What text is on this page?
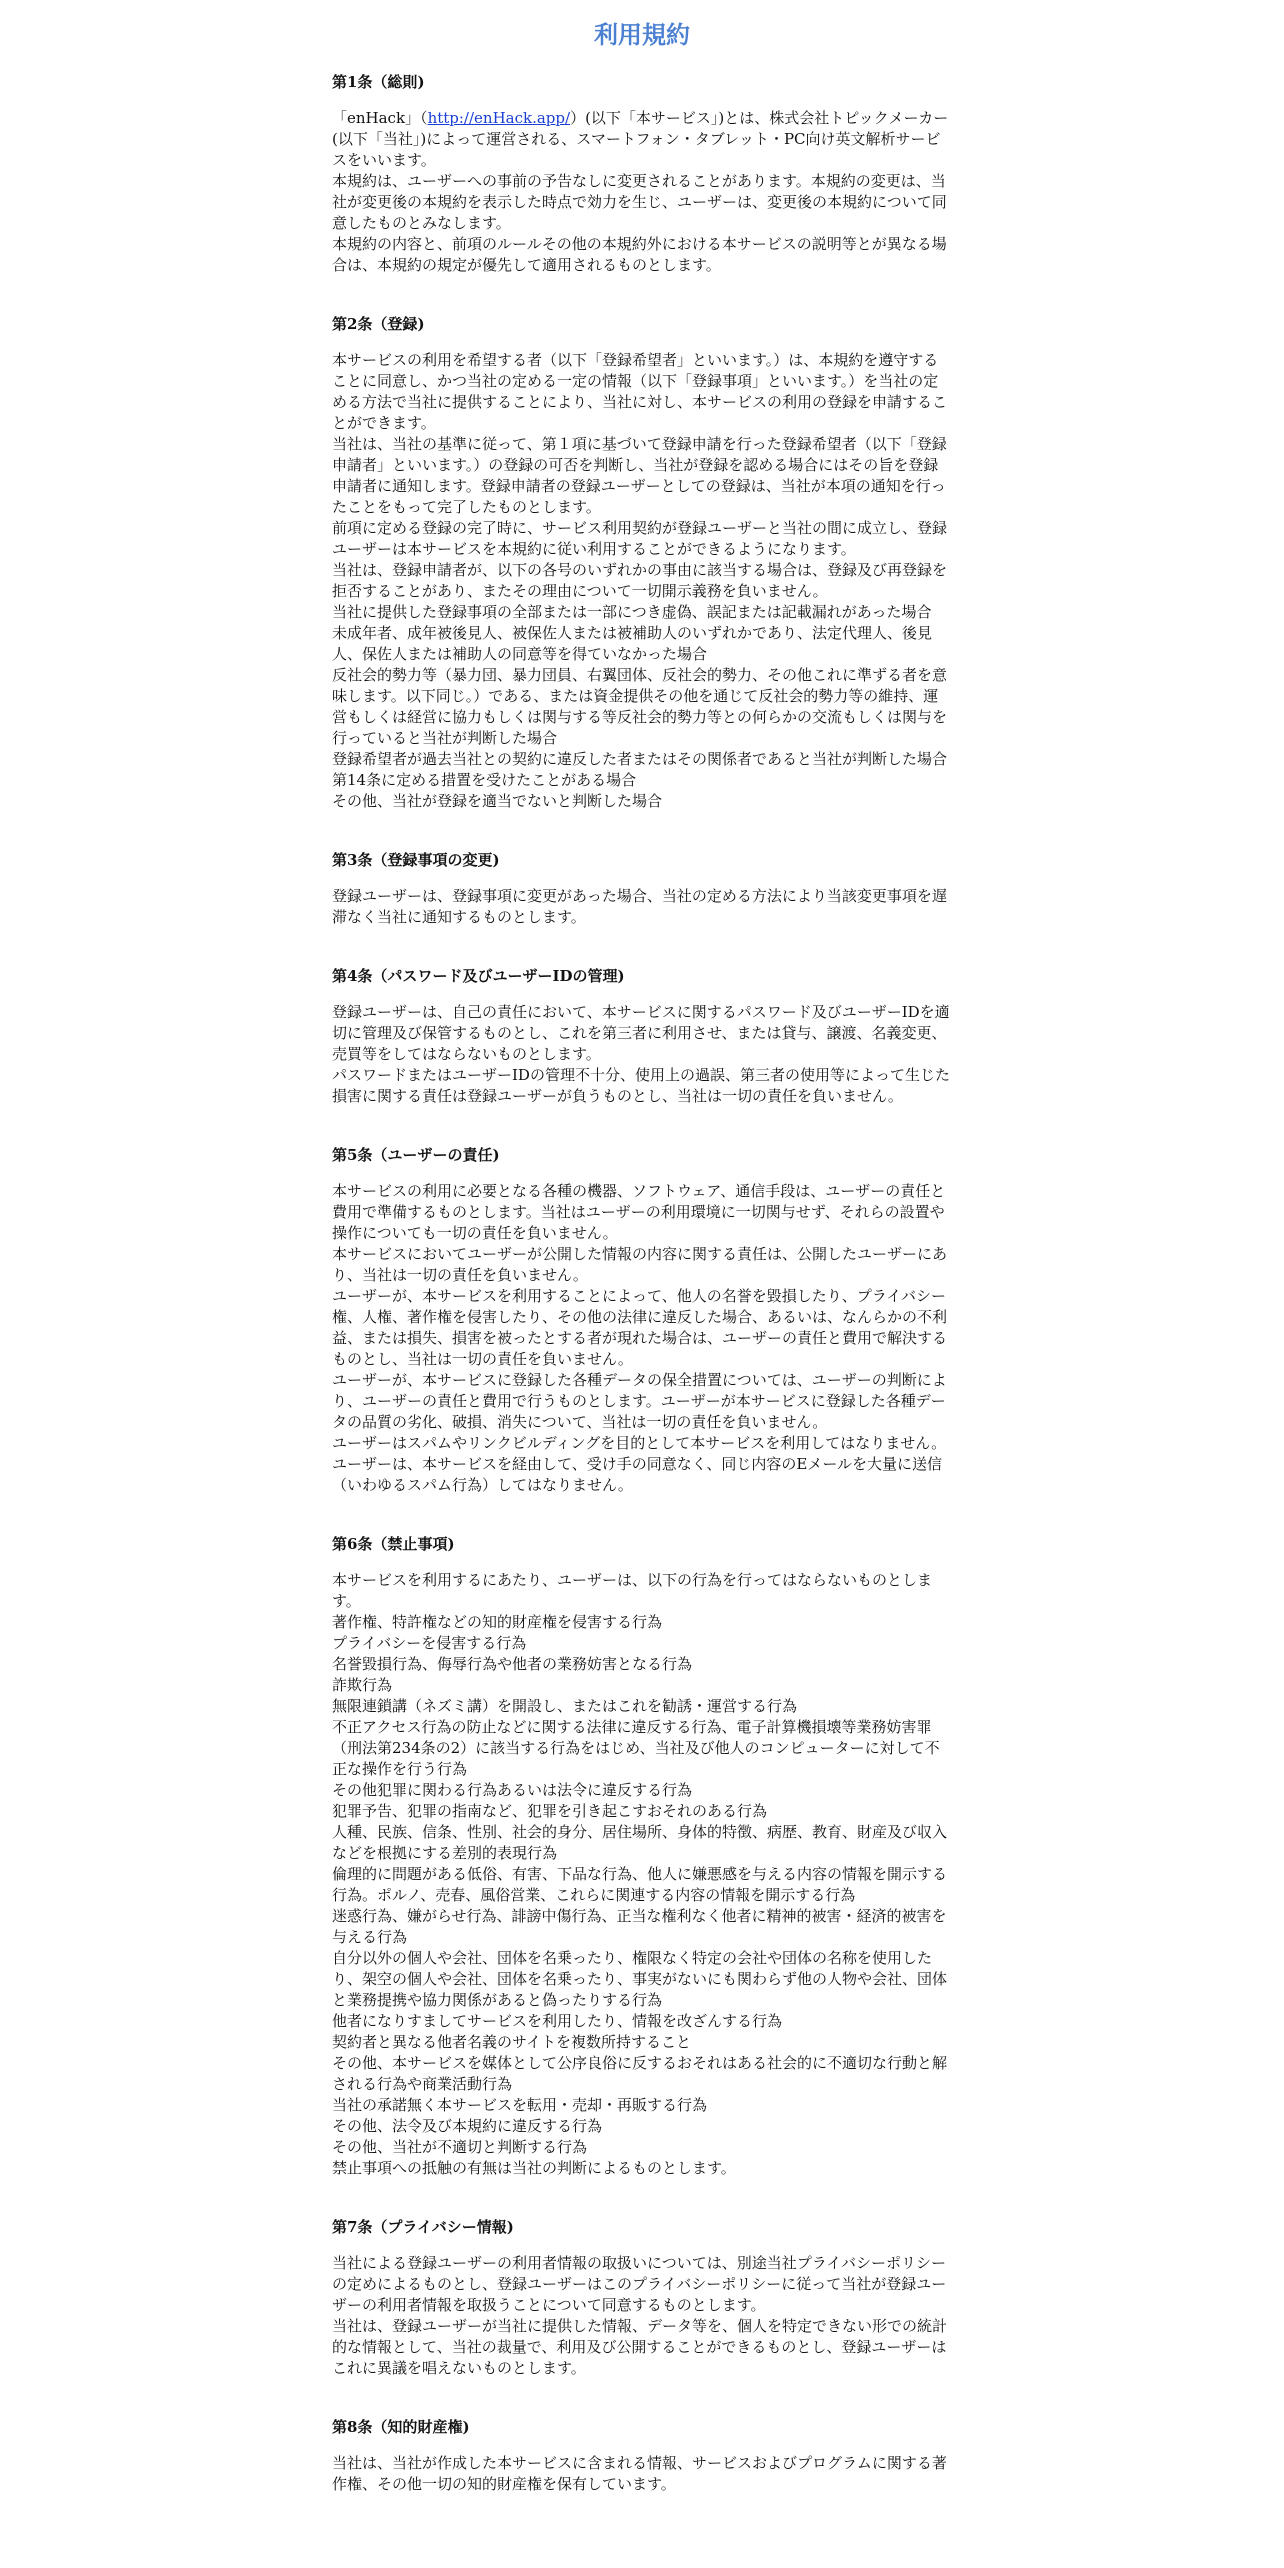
利用規約
第1条（総則)

「enHack」（http://enHack.app/）(以下「本サービス」)とは、株式会社トピックメーカー(以下「当社」)によって運営される、スマートフォン・タブレット・PC向け英文解析サービスをいいます。

本規約は、ユーザーへの事前の予告なしに変更されることがあります。本規約の変更は、当社が変更後の本規約を表示した時点で効力を生じ、ユーザーは、変更後の本規約について同意したものとみなします。

本規約の内容と、前項のルールその他の本規約外における本サービスの説明等とが異なる場合は、本規約の規定が優先して適用されるものとします。

第2条（登録)

本サービスの利用を希望する者（以下「登録希望者」といいます。）は、本規約を遵守することに同意し、かつ当社の定める一定の情報（以下「登録事項」といいます。）を当社の定める方法で当社に提供することにより、当社に対し、本サービスの利用の登録を申請することができます。

当社は、当社の基準に従って、第１項に基づいて登録申請を行った登録希望者（以下「登録申請者」といいます。）の登録の可否を判断し、当社が登録を認める場合にはその旨を登録申請者に通知します。登録申請者の登録ユーザーとしての登録は、当社が本項の通知を行ったことをもって完了したものとします。

前項に定める登録の完了時に、サービス利用契約が登録ユーザーと当社の間に成立し、登録ユーザーは本サービスを本規約に従い利用することができるようになります。

当社は、登録申請者が、以下の各号のいずれかの事由に該当する場合は、登録及び再登録を拒否することがあり、またその理由について一切開示義務を負いません。

当社に提供した登録事項の全部または一部につき虚偽、誤記または記載漏れがあった場合

未成年者、成年被後見人、被保佐人または被補助人のいずれかであり、法定代理人、後見人、保佐人または補助人の同意等を得ていなかった場合

反社会的勢力等（暴力団、暴力団員、右翼団体、反社会的勢力、その他これに準ずる者を意味します。以下同じ。）である、または資金提供その他を通じて反社会的勢力等の維持、運営もしくは経営に協力もしくは関与する等反社会的勢力等との何らかの交流もしくは関与を行っていると当社が判断した場合

登録希望者が過去当社との契約に違反した者またはその関係者であると当社が判断した場合

第14条に定める措置を受けたことがある場合

その他、当社が登録を適当でないと判断した場合

第3条（登録事項の変更)

登録ユーザーは、登録事項に変更があった場合、当社の定める方法により当該変更事項を遅滞なく当社に通知するものとします。

第4条（パスワード及びユーザーIDの管理)

登録ユーザーは、自己の責任において、本サービスに関するパスワード及びユーザーIDを適切に管理及び保管するものとし、これを第三者に利用させ、または貸与、譲渡、名義変更、売買等をしてはならないものとします。

パスワードまたはユーザーIDの管理不十分、使用上の過誤、第三者の使用等によって生じた損害に関する責任は登録ユーザーが負うものとし、当社は一切の責任を負いません。

第5条（ユーザーの責任)

本サービスの利用に必要となる各種の機器、ソフトウェア、通信手段は、ユーザーの責任と費用で準備するものとします。当社はユーザーの利用環境に一切関与せず、それらの設置や操作についても一切の責任を負いません。

本サービスにおいてユーザーが公開した情報の内容に関する責任は、公開したユーザーにあり、当社は一切の責任を負いません。

ユーザーが、本サービスを利用することによって、他人の名誉を毀損したり、プライバシー権、人権、著作権を侵害したり、その他の法律に違反した場合、あるいは、なんらかの不利益、または損失、損害を被ったとする者が現れた場合は、ユーザーの責任と費用で解決するものとし、当社は一切の責任を負いません。

ユーザーが、本サービスに登録した各種データの保全措置については、ユーザーの判断により、ユーザーの責任と費用で行うものとします。ユーザーが本サービスに登録した各種データの品質の劣化、破損、消失について、当社は一切の責任を負いません。

ユーザーはスパムやリンクビルディングを目的として本サービスを利用してはなりません。

ユーザーは、本サービスを経由して、受け手の同意なく、同じ内容のEメールを大量に送信（いわゆるスパム行為）してはなりません。

第6条（禁止事項)

本サービスを利用するにあたり、ユーザーは、以下の行為を行ってはならないものとします。

著作権、特許権などの知的財産権を侵害する行為

プライバシーを侵害する行為

名誉毀損行為、侮辱行為や他者の業務妨害となる行為

詐欺行為

無限連鎖講（ネズミ講）を開設し、またはこれを勧誘・運営する行為

不正アクセス行為の防止などに関する法律に違反する行為、電子計算機損壊等業務妨害罪（刑法第234条の2）に該当する行為をはじめ、当社及び他人のコンピューターに対して不正な操作を行う行為

その他犯罪に関わる行為あるいは法令に違反する行為

犯罪予告、犯罪の指南など、犯罪を引き起こすおそれのある行為

人種、民族、信条、性別、社会的身分、居住場所、身体的特徴、病歴、教育、財産及び収入などを根拠にする差別的表現行為

倫理的に問題がある低俗、有害、下品な行為、他人に嫌悪感を与える内容の情報を開示する行為。ポルノ、売春、風俗営業、これらに関連する内容の情報を開示する行為

迷惑行為、嫌がらせ行為、誹謗中傷行為、正当な権利なく他者に精神的被害・経済的被害を与える行為

自分以外の個人や会社、団体を名乗ったり、権限なく特定の会社や団体の名称を使用したり、架空の個人や会社、団体を名乗ったり、事実がないにも関わらず他の人物や会社、団体と業務提携や協力関係があると偽ったりする行為

他者になりすましてサービスを利用したり、情報を改ざんする行為

契約者と異なる他者名義のサイトを複数所持すること

その他、本サービスを媒体として公序良俗に反するおそれはある社会的に不適切な行動と解される行為や商業活動行為

当社の承諾無く本サービスを転用・売却・再販する行為

その他、法令及び本規約に違反する行為

その他、当社が不適切と判断する行為

禁止事項への抵触の有無は当社の判断によるものとします。

第7条（プライバシー情報)

当社による登録ユーザーの利用者情報の取扱いについては、別途当社プライバシーポリシーの定めによるものとし、登録ユーザーはこのプライバシーポリシーに従って当社が登録ユーザーの利用者情報を取扱うことについて同意するものとします。

当社は、登録ユーザーが当社に提供した情報、データ等を、個人を特定できない形での統計的な情報として、当社の裁量で、利用及び公開することができるものとし、登録ユーザーはこれに異議を唱えないものとします。

第8条（知的財産権)

当社は、当社が作成した本サービスに含まれる情報、サービスおよびプログラムに関する著作権、その他一切の知的財産権を保有しています。
